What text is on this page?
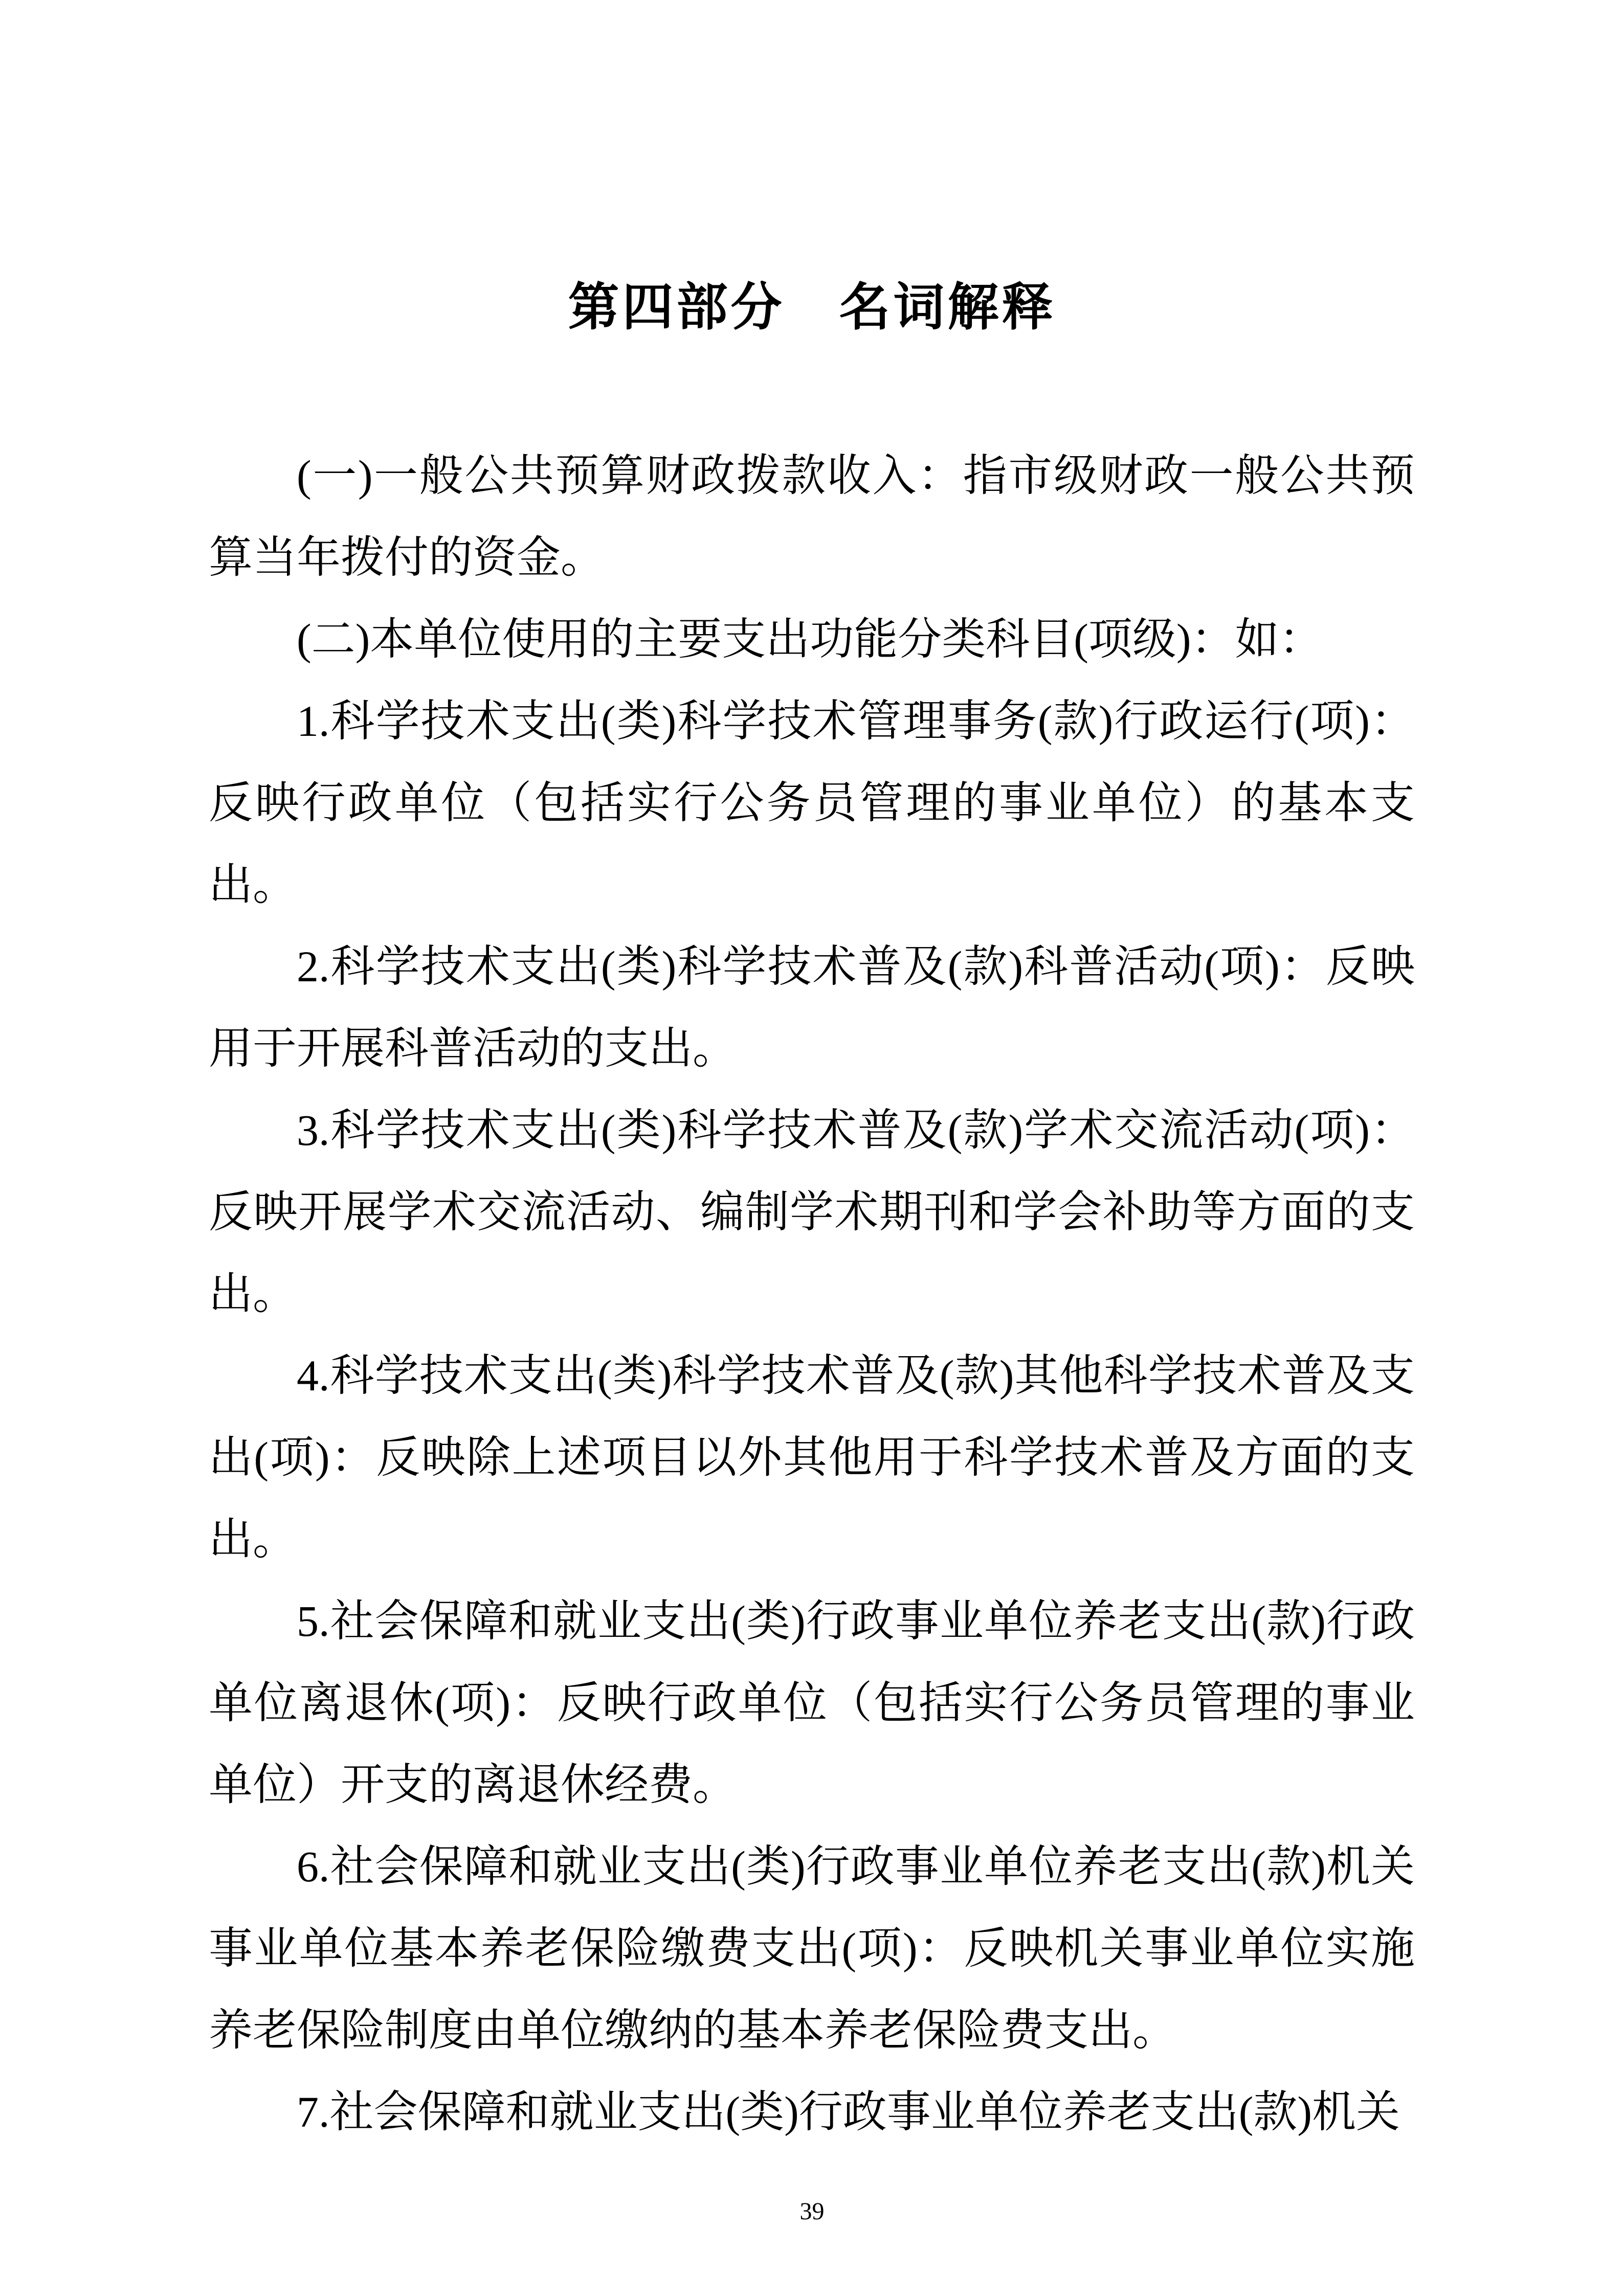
第四部分　名词解释

(一)一般公共预算财政拨款收入：指市级财政一般公共预算当年拨付的资金。

(二)本单位使用的主要支出功能分类科目(项级)：如：

1.科学技术支出(类)科学技术管理事务(款)行政运行(项)：反映行政单位（包括实行公务员管理的事业单位）的基本支出。

2.科学技术支出(类)科学技术普及(款)科普活动(项)：反映用于开展科普活动的支出。

3.科学技术支出(类)科学技术普及(款)学术交流活动(项)：反映开展学术交流活动、编制学术期刊和学会补助等方面的支出。

4.科学技术支出(类)科学技术普及(款)其他科学技术普及支出(项)：反映除上述项目以外其他用于科学技术普及方面的支出。

5.社会保障和就业支出(类)行政事业单位养老支出(款)行政单位离退休(项)：反映行政单位（包括实行公务员管理的事业单位）开支的离退休经费。

6.社会保障和就业支出(类)行政事业单位养老支出(款)机关事业单位基本养老保险缴费支出(项)：反映机关事业单位实施养老保险制度由单位缴纳的基本养老保险费支出。

7.社会保障和就业支出(类)行政事业单位养老支出(款)机关

39
